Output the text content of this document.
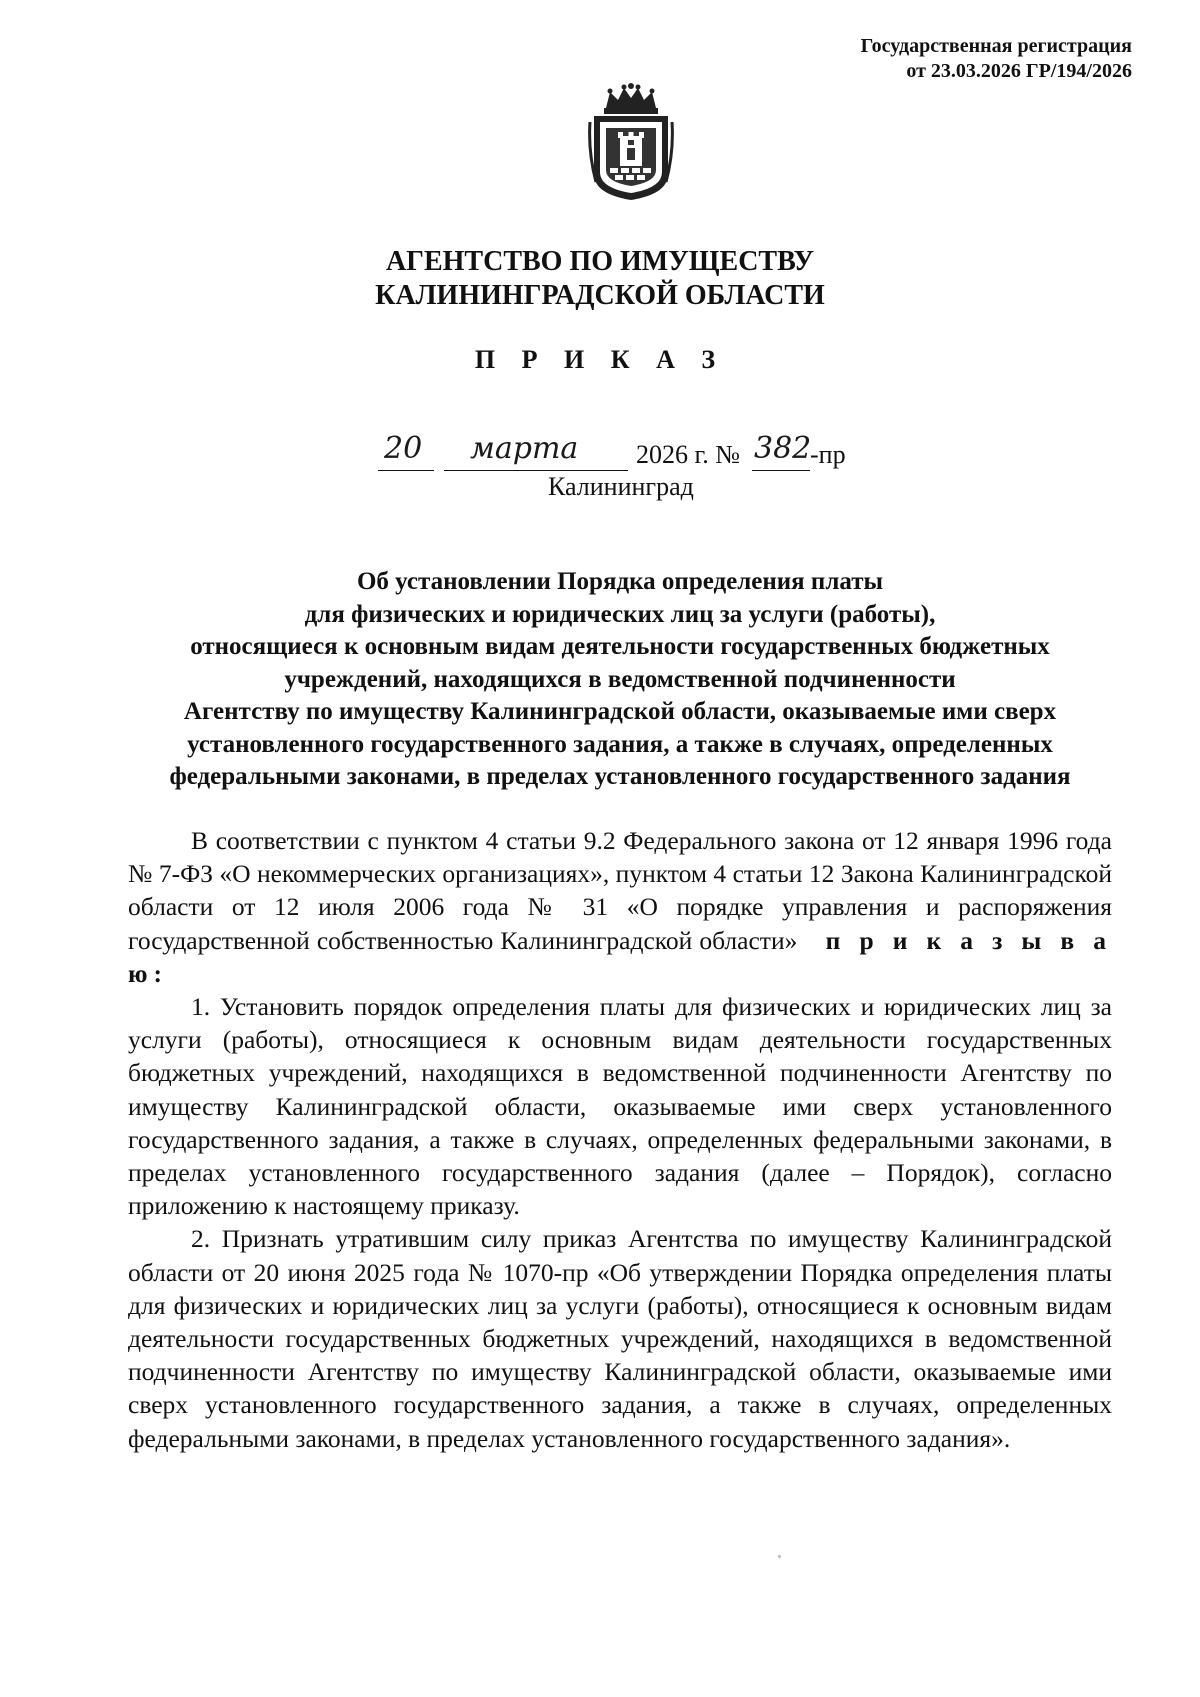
Государственная регистрация
от 23.03.2026 ГР/194/2026
АГЕНТСТВО ПО ИМУЩЕСТВУ
КАЛИНИНГРАДСКОЙ ОБЛАСТИ
П Р И К А З
20 марта 2026 г. № 382
-пр
Калининград
Об установлении Порядка определения платы
для физических и юридических лиц за услуги (работы),
относящиеся к основным видам деятельности государственных бюджетных
учреждений, находящихся в ведомственной подчиненности
Агентству по имуществу Калининградской области, оказываемые ими сверх
установленного государственного задания, а также в случаях, определенных
федеральными законами, в пределах установленного государственного задания

В соответствии с пунктом 4 статьи 9.2 Федерального закона от 12 января 1996 года № 7-ФЗ «О некоммерческих организациях», пунктом 4 статьи 12 Закона Калининградской области от 12 июля 2006 года № 31 «О порядке управления и распоряжения государственной собственностью Калининградской области» п р и к а з ы в а ю:

1. Установить порядок определения платы для физических и юридических лиц за услуги (работы), относящиеся к основным видам деятельности государственных бюджетных учреждений, находящихся в ведомственной подчиненности Агентству по имуществу Калининградской области, оказываемые ими сверх установленного государственного задания, а также в случаях, определенных федеральными законами, в пределах установленного государственного задания (далее – Порядок), согласно приложению к настоящему приказу.

2. Признать утратившим силу приказ Агентства по имуществу Калининградской области от 20 июня 2025 года № 1070-пр «Об утверждении Порядка определения платы для физических и юридических лиц за услуги (работы), относящиеся к основным видам деятельности государственных бюджетных учреждений, находящихся в ведомственной подчиненности Агентству по имуществу Калининградской области, оказываемые ими сверх установленного государственного задания, а также в случаях, определенных федеральными законами, в пределах установленного государственного задания».
